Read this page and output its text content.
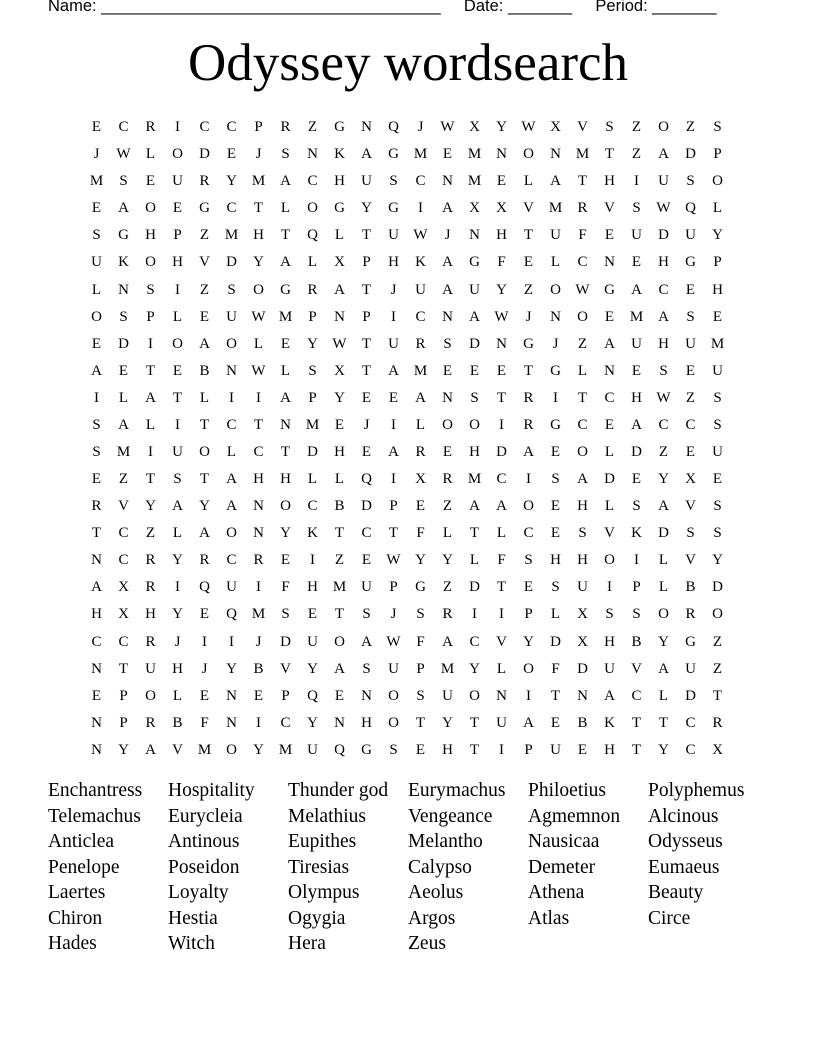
Name: _____________________________________ Date: _______ Period: _______
Odyssey wordsearch
E	C	R	I	C	C	P	R	Z	G	N	Q	J	W X	Y W X	V	S	Z	O	Z	S
J	W	L	O	D	E	J	S	N	K	A	G M	E	M N	O	N M	T	Z	A	D	P
M	S	E	U	R	Y M A	C	H	U	S	C	N M	E	L	A	T	H	I	U	S	O
E	A	O	E	G	C	T	L	O	G	Y	G	I	A	X	X	V M	R	V	S	W Q	L
S	G	H	P	Z	M H	T	Q	L	T	U W	J	N	H	T	U	F	E	U	D	U	Y
U	K	O	H	V	D	Y	A	L	X	P	H	K	A	G	F	E	L	C	N	E	H	G	P
L	N	S	I	Z	S	O	G	R	A	T	J	U	A	U	Y	Z	O W G	A	C	E	H
O	S	P	L	E	U W M	P	N	P	I	C	N	A W	J	N	O	E	M A	S	E
E	D	I	O	A	O	L	E	Y W	T	U	R	S	D	N	G	J	Z	A	U	H	U M
A	E	T	E	B	N W	L	S	X	T	A M	E	E	E	T	G	L	N	E	S	E	U
I	L	A	T	L	I	I	A	P	Y	E	E	A	N	S	T	R	I	T	C	H W	Z	S
S	A	L	I	T	C	T	N M	E	J	I	L	O	O	I	R	G	C	E	A	C	C	S
S	M	I	U	O	L	C	T	D	H	E	A	R	E	H	D	A	E	O	L	D	Z	E	U
E	Z	T	S	T	A	H	H	L	L	Q	I	X	R	M	C	I	S	A	D	E	Y	X	E
R	V	Y	A	Y	A	N	O	C	B	D	P	E	Z	A	A	O	E	H	L	S	A	V	S
T	C	Z	L	A	O	N	Y	K	T	C	T	F	L	T	L	C	E	S	V	K	D	S	S
N	C	R	Y	R	C	R	E	I	Z	E	W Y	Y	L	F	S	H	H	O	I	L	V	Y
A	X	R	I	Q	U	I	F	H M U	P	G	Z	D	T	E	S	U	I	P	L	B	D
H	X	H	Y	E	Q M	S	E	T	S	J	S	R	I	I	P	L	X	S	S	O	R	O
C	C	R	J	I	I	J	D	U	O	A W	F	A	C	V	Y	D	X	H	B	Y	G	Z
N	T	U	H	J	Y	B	V	Y	A	S	U	P	M Y	L	O	F	D	U	V	A	U	Z
E	P	O	L	E	N	E	P	Q	E	N	O	S	U	O	N	I	T	N	A	C	L	D	T
N	P	R	B	F	N	I	C	Y	N	H	O	T	Y	T	U	A	E	B	K	T	T	C	R
N	Y	A	V M O	Y M U	Q	G	S	E	H	T	I	P	U	E	H	T	Y	C	X
Enchantress	Hospitality	Thunder god	Eurymachus	Philoetius	Polyphemus
Telemachus	Eurycleia	Melathius	Vengeance	Agmemnon	Alcinous
Anticlea	Antinous	Eupithes	Melantho	Nausicaa	Odysseus
Penelope	Poseidon	Tiresias	Calypso	Demeter	Eumaeus
Laertes	Loyalty	Olympus	Aeolus	Athena	Beauty
Chiron	Hestia	Ogygia	Argos	Atlas	Circe
Hades	Witch	Hera	Zeus
